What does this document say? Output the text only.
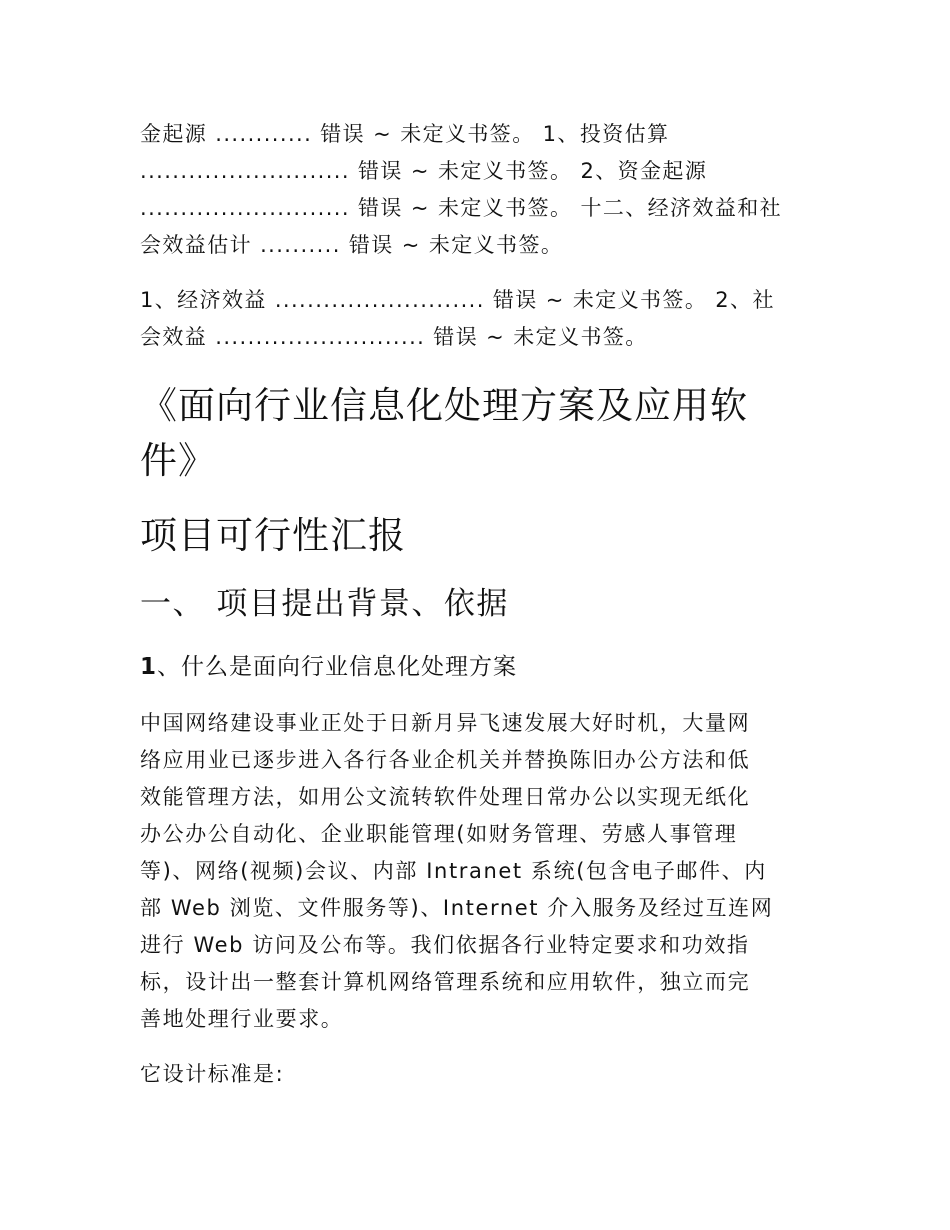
金起源 ............ 错误 ~ 未定义书签。 1、投资估算
.......................... 错误 ~ 未定义书签。 2、资金起源
.......................... 错误 ~ 未定义书签。 十二、经济效益和社
会效益估计 .......... 错误 ~ 未定义书签。
1、经济效益 .......................... 错误 ~ 未定义书签。 2、社
会效益 .......................... 错误 ~ 未定义书签。
《面向行业信息化处理方案及应用软
件》
项目可行性汇报
一、 项目提出背景、依据
1、什么是面向行业信息化处理方案
中国网络建设事业正处于日新月异飞速发展大好时机，大量网
络应用业已逐步进入各行各业企机关并替换陈旧办公方法和低
效能管理方法，如用公文流转软件处理日常办公以实现无纸化
办公办公自动化、企业职能管理(如财务管理、劳感人事管理
等)、网络(视频)会议、内部 Intranet 系统(包含电子邮件、内
部 Web 浏览、文件服务等)、Internet 介入服务及经过互连网
进行 Web 访问及公布等。我们依据各行业特定要求和功效指
标，设计出一整套计算机网络管理系统和应用软件，独立而完
善地处理行业要求。
它设计标准是:
